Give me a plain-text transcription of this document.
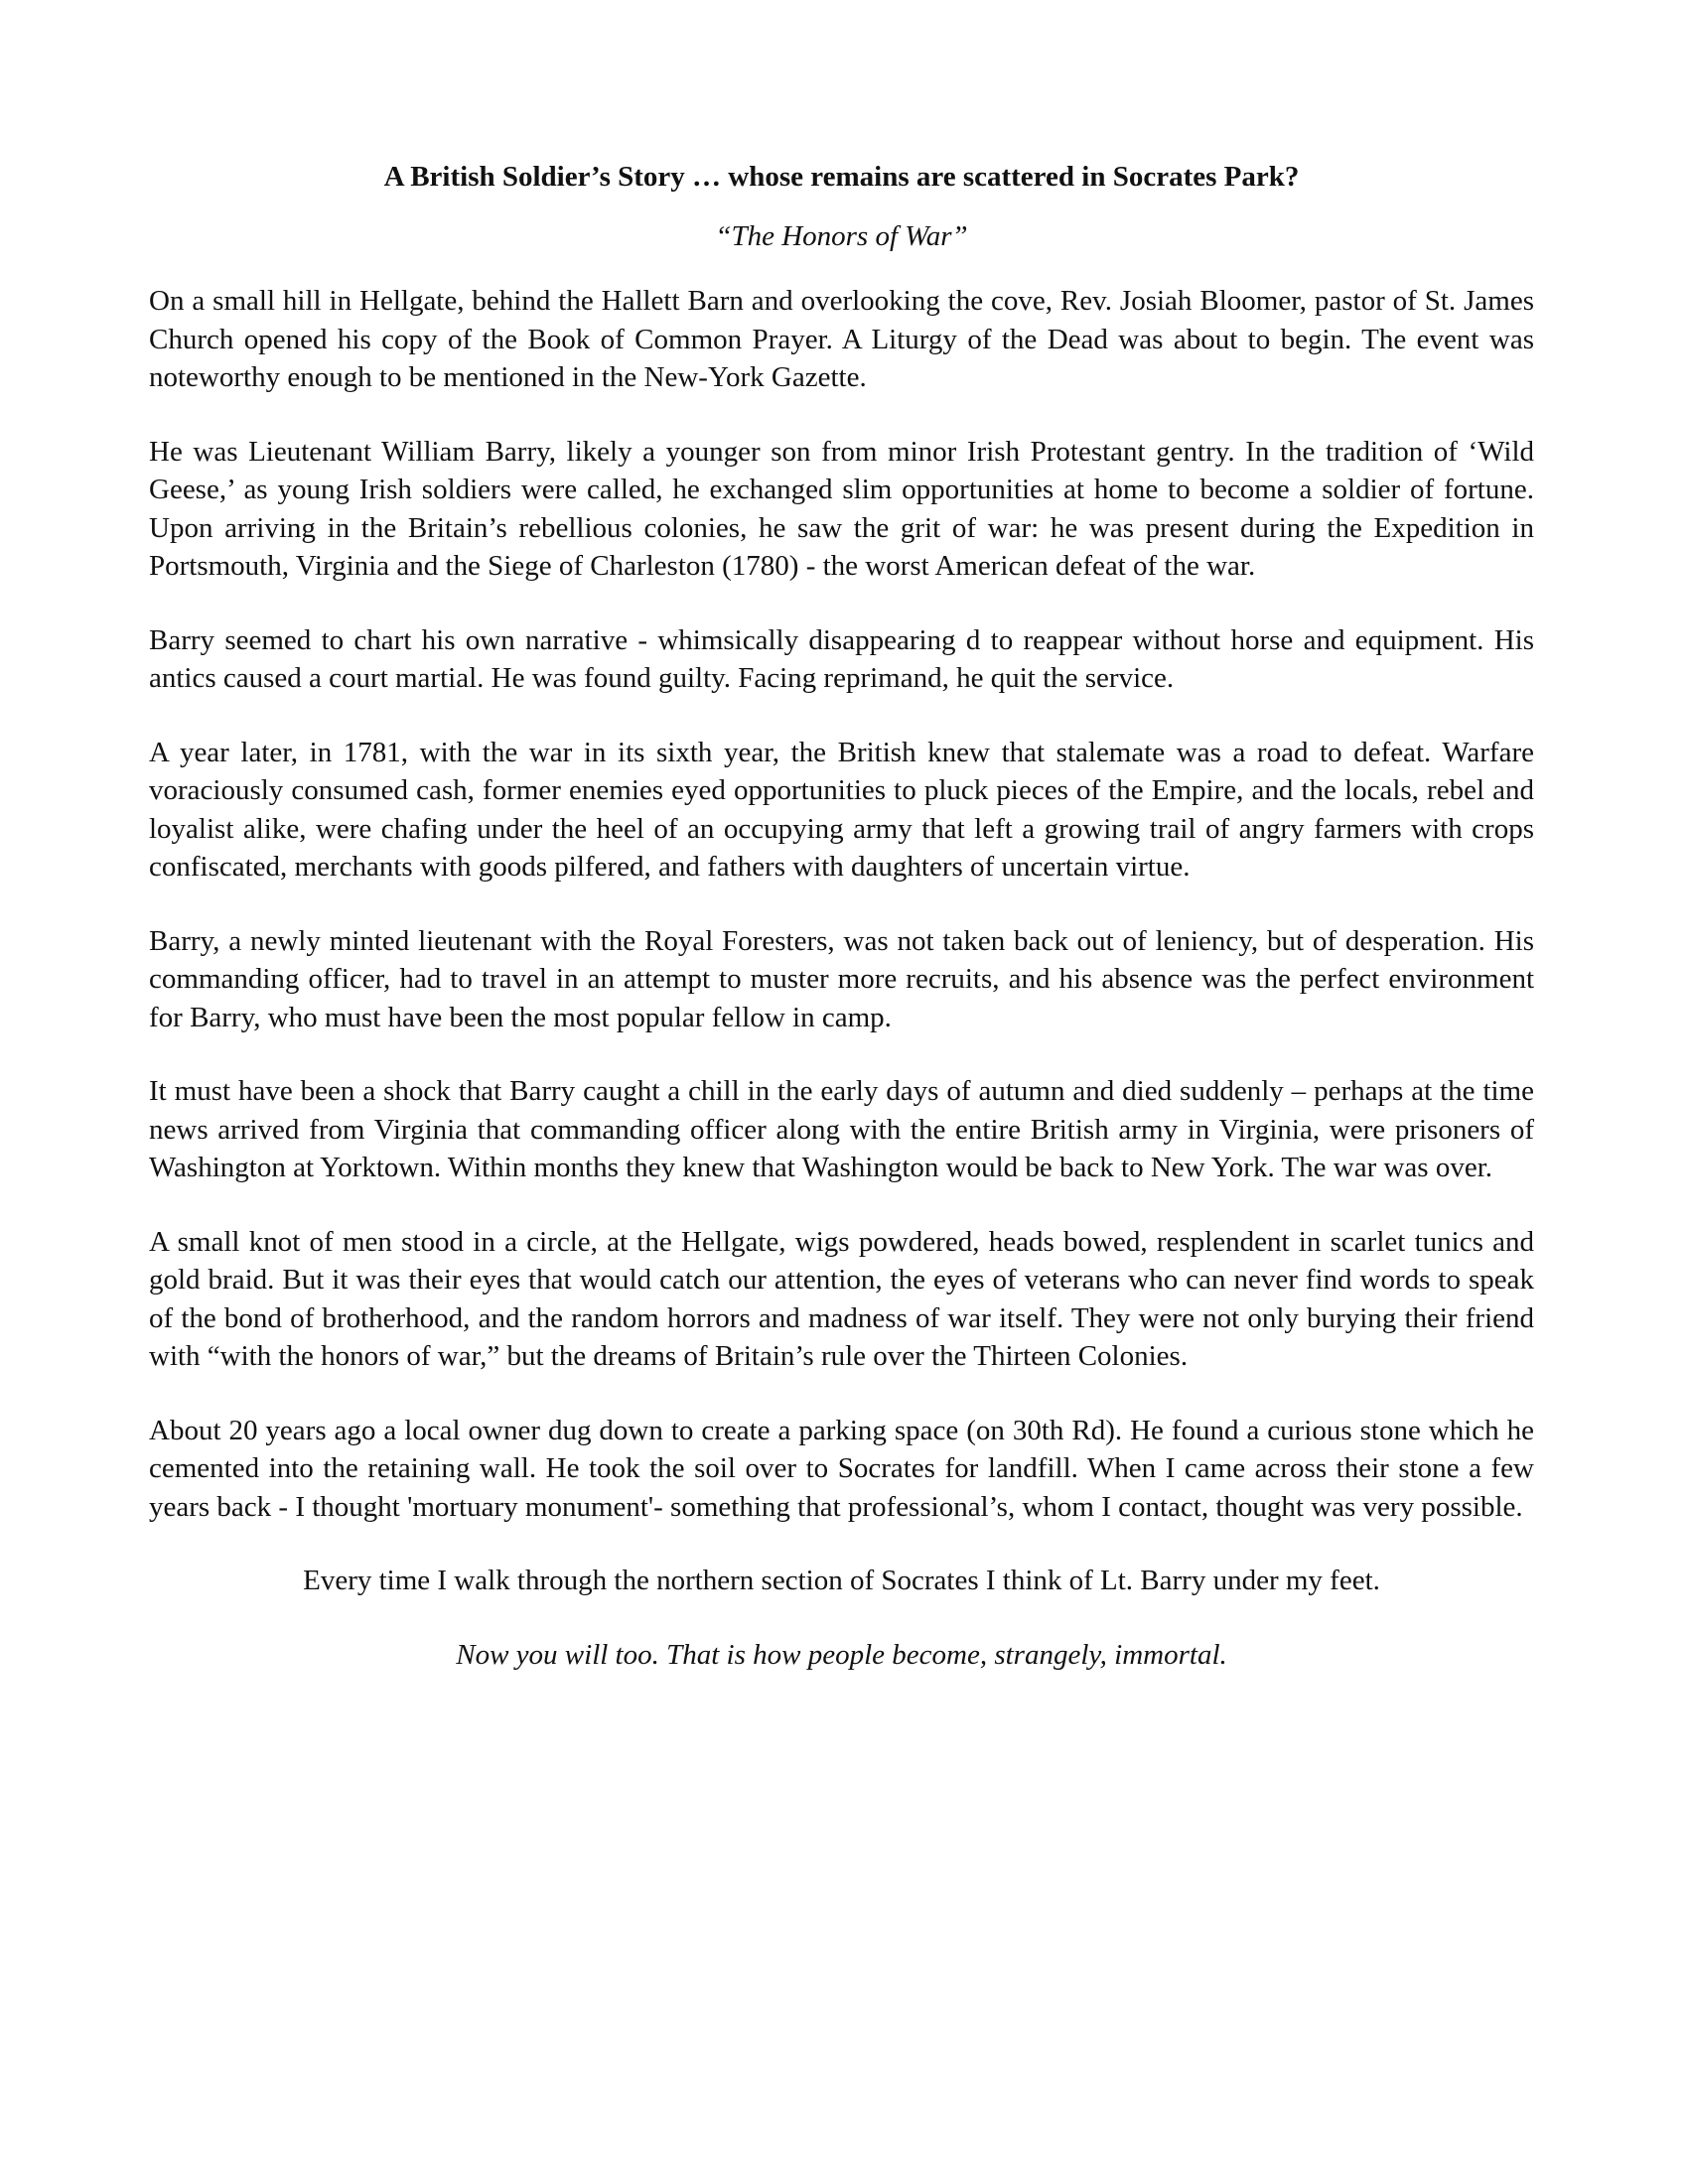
A British Soldier’s Story … whose remains are scattered in Socrates Park?
“The Honors of War”

On a small hill in Hellgate, behind the Hallett Barn and overlooking the cove, Rev. Josiah Bloomer, pastor of St. James Church opened his copy of the Book of Common Prayer. A Liturgy of the Dead was about to begin. The event was noteworthy enough to be mentioned in the New-York Gazette.

He was Lieutenant William Barry, likely a younger son from minor Irish Protestant gentry. In the tradition of ‘Wild Geese,’ as young Irish soldiers were called, he exchanged slim opportunities at home to become a soldier of fortune. Upon arriving in the Britain’s rebellious colonies, he saw the grit of war: he was present during the Expedition in Portsmouth, Virginia and the Siege of Charleston (1780) - the worst American defeat of the war.

Barry seemed to chart his own narrative - whimsically disappearing d to reappear without horse and equipment. His antics caused a court martial. He was found guilty. Facing reprimand, he quit the service.

A year later, in 1781, with the war in its sixth year, the British knew that stalemate was a road to defeat. Warfare voraciously consumed cash, former enemies eyed opportunities to pluck pieces of the Empire, and the locals, rebel and loyalist alike, were chafing under the heel of an occupying army that left a growing trail of angry farmers with crops confiscated, merchants with goods pilfered, and fathers with daughters of uncertain virtue.

Barry, a newly minted lieutenant with the Royal Foresters, was not taken back out of leniency, but of desperation. His commanding officer, had to travel in an attempt to muster more recruits, and his absence was the perfect environment for Barry, who must have been the most popular fellow in camp.

It must have been a shock that Barry caught a chill in the early days of autumn and died suddenly – perhaps at the time news arrived from Virginia that commanding officer along with the entire British army in Virginia, were prisoners of Washington at Yorktown. Within months they knew that Washington would be back to New York. The war was over.

A small knot of men stood in a circle, at the Hellgate, wigs powdered, heads bowed, resplendent in scarlet tunics and gold braid. But it was their eyes that would catch our attention, the eyes of veterans who can never find words to speak of the bond of brotherhood, and the random horrors and madness of war itself. They were not only burying their friend with “with the honors of war,” but the dreams of Britain’s rule over the Thirteen Colonies.

About 20 years ago a local owner dug down to create a parking space (on 30th Rd). He found a curious stone which he cemented into the retaining wall. He took the soil over to Socrates for landfill. When I came across their stone a few years back - I thought 'mortuary monument'- something that professional’s, whom I contact, thought was very possible.

Every time I walk through the northern section of Socrates I think of Lt. Barry under my feet.

Now you will too. That is how people become, strangely, immortal.
